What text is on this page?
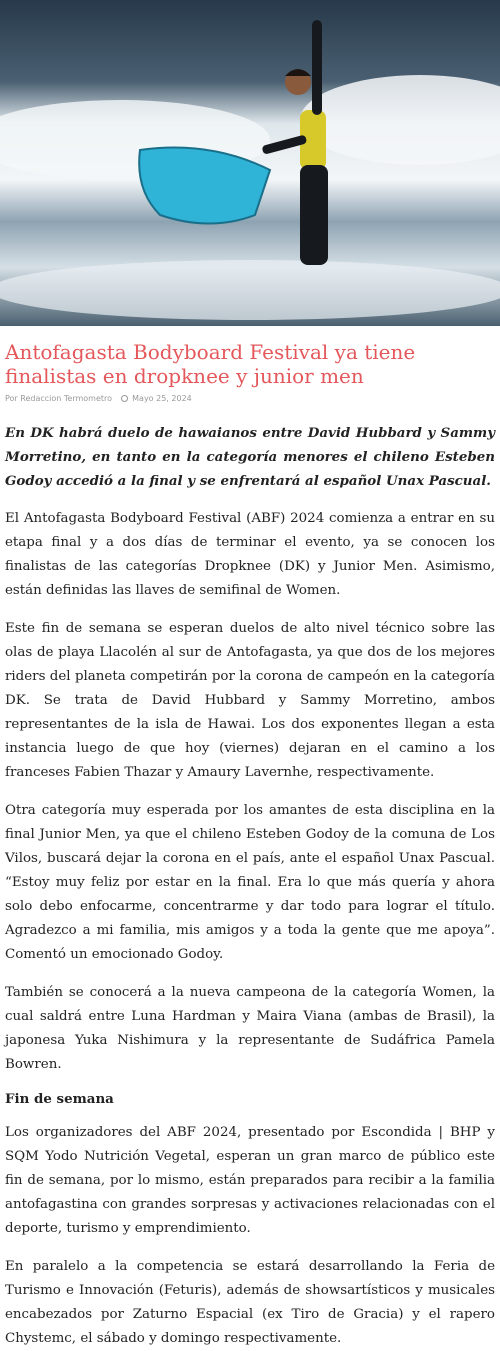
Antofagasta Bodyboard Festival ya tiene finalistas en dropknee y junior men
Por Redaccion Termometro	Mayo 25, 2024

En DK habrá duelo de hawaianos entre David Hubbard y Sammy Morretino, en tanto en la categoría menores el chileno Esteben Godoy accedió a la final y se enfrentará al español Unax Pascual.

El Antofagasta Bodyboard Festival (ABF) 2024 comienza a entrar en su etapa final y a dos días de terminar el evento, ya se conocen los finalistas de las categorías Dropknee (DK) y Junior Men. Asimismo, están definidas las llaves de semifinal de Women.

Este fin de semana se esperan duelos de alto nivel técnico sobre las olas de playa Llacolén al sur de Antofagasta, ya que dos de los mejores riders del planeta competirán por la corona de campeón en la categoría DK. Se trata de David Hubbard y Sammy Morretino, ambos representantes de la isla de Hawai. Los dos exponentes llegan a esta instancia luego de que hoy (viernes) dejaran en el camino a los franceses Fabien Thazar y Amaury Lavernhe, respectivamente.

Otra categoría muy esperada por los amantes de esta disciplina en la final Junior Men, ya que el chileno Esteben Godoy de la comuna de Los Vilos, buscará dejar la corona en el país, ante el español Unax Pascual. “Estoy muy feliz por estar en la final. Era lo que más quería y ahora solo debo enfocarme, concentrarme y dar todo para lograr el título. Agradezco a mi familia, mis amigos y a toda la gente que me apoya”. Comentó un emocionado Godoy.

También se conocerá a la nueva campeona de la categoría Women, la cual saldrá entre Luna Hardman y Maira Viana (ambas de Brasil), la japonesa Yuka Nishimura y la representante de Sudáfrica Pamela Bowren.

Fin de semana

Los organizadores del ABF 2024, presentado por Escondida | BHP y SQM Yodo Nutrición Vegetal, esperan un gran marco de público este fin de semana, por lo mismo, están preparados para recibir a la familia antofagastina con grandes sorpresas y activaciones relacionadas con el deporte, turismo y emprendimiento.

En paralelo a la competencia se estará desarrollando la Feria de Turismo e Innovación (Feturis), además de showsartísticos y musicales encabezados por Zaturno Espacial (ex Tiro de Gracia) y el rapero Chystemc, el sábado y domingo respectivamente.
